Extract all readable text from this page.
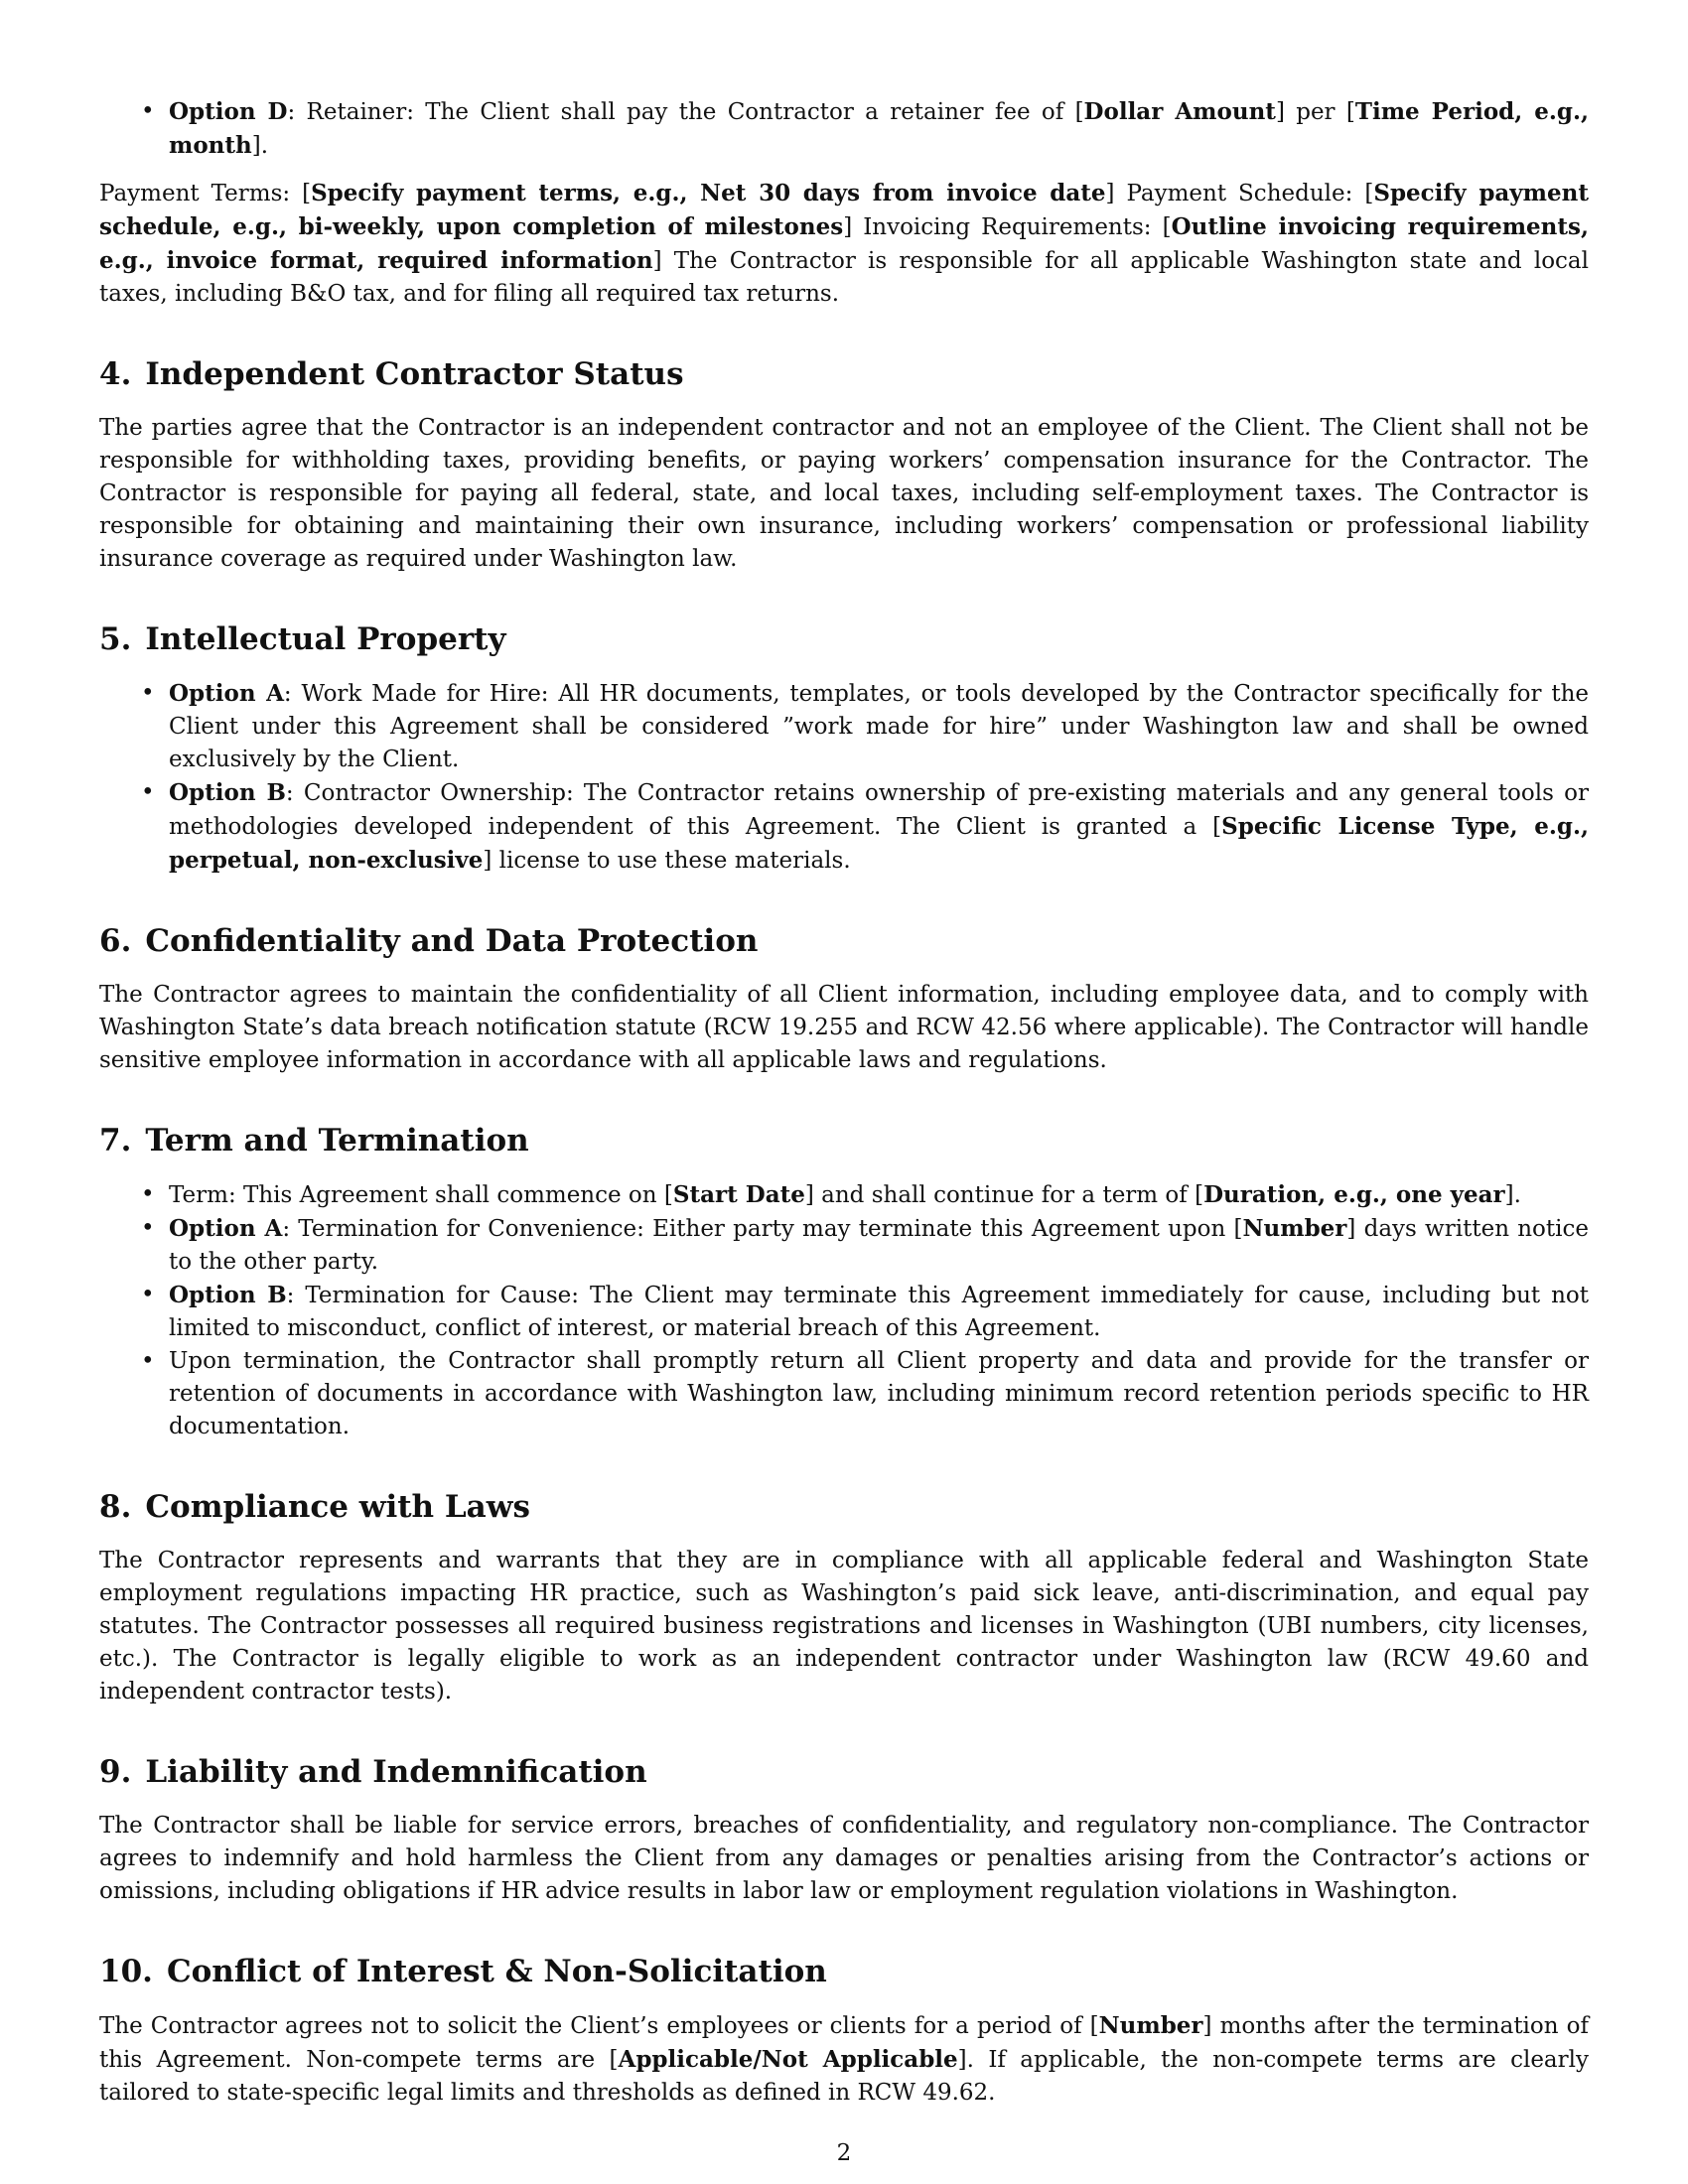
• Option D: Retainer: The Client shall pay the Contractor a retainer fee of [Dollar Amount] per [Time Period, e.g., month].

Payment Terms: [Specify payment terms, e.g., Net 30 days from invoice date] Payment Schedule: [Specify payment schedule, e.g., bi-weekly, upon completion of milestones] Invoicing Requirements: [Outline invoicing requirements, e.g., invoice format, required information] The Contractor is responsible for all applicable Washington state and local taxes, including B&O tax, and for filing all required tax returns.

4. Independent Contractor Status

The parties agree that the Contractor is an independent contractor and not an employee of the Client. The Client shall not be responsible for withholding taxes, providing benefits, or paying workers’ compensation insurance for the Contractor. The Contractor is responsible for paying all federal, state, and local taxes, including self-employment taxes. The Contractor is responsible for obtaining and maintaining their own insurance, including workers’ compensation or professional liability insurance coverage as required under Washington law.

5. Intellectual Property
• Option A: Work Made for Hire: All HR documents, templates, or tools developed by the Contractor specifically for the Client under this Agreement shall be considered ”work made for hire” under Washington law and shall be owned exclusively by the Client.
• Option B: Contractor Ownership: The Contractor retains ownership of pre-existing materials and any general tools or methodologies developed independent of this Agreement. The Client is granted a [Specific License Type, e.g., perpetual, non-exclusive] license to use these materials.
6. Confidentiality and Data Protection

The Contractor agrees to maintain the confidentiality of all Client information, including employee data, and to comply with Washington State’s data breach notification statute (RCW 19.255 and RCW 42.56 where applicable). The Contractor will handle sensitive employee information in accordance with all applicable laws and regulations.

7. Term and Termination
• Term: This Agreement shall commence on [Start Date] and shall continue for a term of [Duration, e.g., one year].
• Option A: Termination for Convenience: Either party may terminate this Agreement upon [Number] days written notice to the other party.
• Option B: Termination for Cause: The Client may terminate this Agreement immediately for cause, including but not limited to misconduct, conflict of interest, or material breach of this Agreement.
• Upon termination, the Contractor shall promptly return all Client property and data and provide for the transfer or retention of documents in accordance with Washington law, including minimum record retention periods specific to HR documentation.
8. Compliance with Laws

The Contractor represents and warrants that they are in compliance with all applicable federal and Washington State employment regulations impacting HR practice, such as Washington’s paid sick leave, anti-discrimination, and equal pay statutes. The Contractor possesses all required business registrations and licenses in Washington (UBI numbers, city licenses, etc.). The Contractor is legally eligible to work as an independent contractor under Washington law (RCW 49.60 and independent contractor tests).

9. Liability and Indemnification

The Contractor shall be liable for service errors, breaches of confidentiality, and regulatory non-compliance. The Contractor agrees to indemnify and hold harmless the Client from any damages or penalties arising from the Contractor’s actions or omissions, including obligations if HR advice results in labor law or employment regulation violations in Washington.

10. Conflict of Interest & Non-Solicitation

The Contractor agrees not to solicit the Client’s employees or clients for a period of [Number] months after the termination of this Agreement. Non-compete terms are [Applicable/Not Applicable]. If applicable, the non-compete terms are clearly tailored to state-specific legal limits and thresholds as defined in RCW 49.62.

2
